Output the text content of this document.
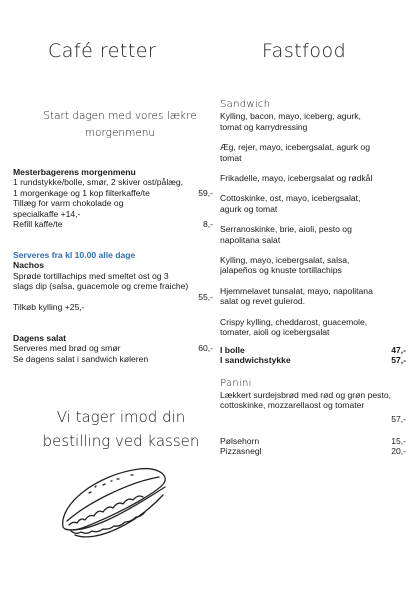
Café retter
Start dagen med vores lækre
morgenmenu
Mesterbagerens morgenmenu
1 rundstykke/bolle, smør, 2 skiver ost/pålæg,
1 morgenkage og 1 kop filterkaffe/te	59,-
Tillæg for varm chokolade og
specialkaffe +14,-
Refill kaffe/te	8,-
Serveres fra kl 10.00 alle dage
Nachos
Sprøde tortillachips med smeltet ost og 3
slags dip (salsa, guacemole og creme fraiche)
55,-
Tilkøb kylling +25,-
Dagens salat
Serveres med brød og smør	60,-
Se dagens salat i sandwich køleren
Vi tager imod din
bestilling ved kassen
Fastfood
Sandwich
Kylling, bacon, mayo, iceberg, agurk,
tomat og karrydressing
Æg, rejer, mayo, icebergsalat, agurk og
tomat
Frikadelle, mayo, icebergsalat og rødkål
Cottoskinke, ost, mayo, icebergsalat,
agurk og tomat
Serranoskinke, brie, aioli, pesto og
napolitana salat
Kylling, mayo, icebergsalat, salsa,
jalapeños og knuste tortillachips
Hjemmelavet tunsalat, mayo, napolitana
salat og revet gulerod.
Crispy kylling, cheddarost, guacemole,
tomater, aioli og icebergsalat
I bolle	47,-
I sandwichstykke	57,-
Panini
Lækkert surdejsbrød med rød og grøn pesto,
cottoskinke, mozzarellaost og tomater
57,-
Pølsehorn	15,-
Pizzasnegl	20,-
